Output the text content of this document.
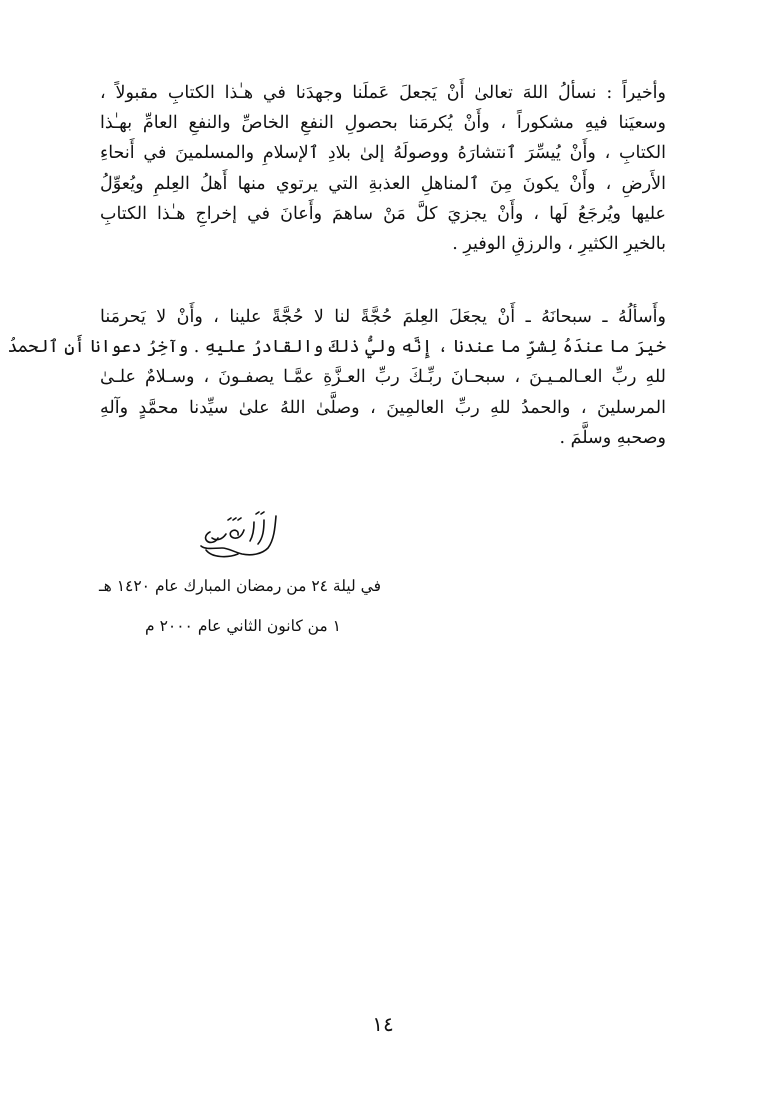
وأخيراً : نسألُ اللهَ تعالىٰ أَنْ يَجعلَ عَملَنا وجهدَنا في هـٰذا الكتابِ مقبولاً ،
وسعيَنا فيهِ مشكوراً ، وأَنْ يُكرمَنا بحصولِ النفعِ الخاصِّ والنفعِ العامِّ بهـٰذا
الكتابِ ، وأَنْ يُيسِّرَ ٱنتشارَهُ ووصولَهُ إلىٰ بلادِ ٱلإسلامِ والمسلمينَ في أَنحاءِ
الأَرضِ ، وأَنْ يكونَ مِنَ ٱلمناهلِ العذبةِ التي يرتوي منها أَهلُ العِلمِ ويُعوِّلُ
عليها ويُرجَعُ لَها ، وأَنْ يجزيَ كلَّ مَنْ ساهمَ وأَعانَ في إخراجِ هـٰذا الكتابِ
بالخيرِ الكثيرِ ، والرزقِ الوفيرِ .
وأَسألُهُ ـ سبحانَهُ ـ أَنْ يجعَلَ العِلمَ حُجَّةً لنا لا حُجَّةً علينا ، وأَنْ لا يَحرمَنا
خيرَ ما عندَهُ لِشرِّ ما عندنا ، إِنَّه وليُّ ذلكَ والقادرُ عليهِ . وآخِرُ دعوانا أَنِ ٱلحمدُ
للهِ ربِّ العـالمـيـنَ ، سبحـانَ ربِّـكَ ربِّ العـزَّةِ عمَّـا يصفـونَ ، وسـلامٌ علـىٰ
المرسلينَ ، والحمدُ للهِ ربِّ العالمِينَ ، وصلَّىٰ اللهُ علىٰ سيِّدنا محمَّدٍ وآلهِ
وصحبهِ وسلَّمَ .
في ليلة ٢٤ من رمضان المبارك عام ١٤٢٠ هـ
١ من كانون الثاني عام ٢٠٠٠ م
١٤
